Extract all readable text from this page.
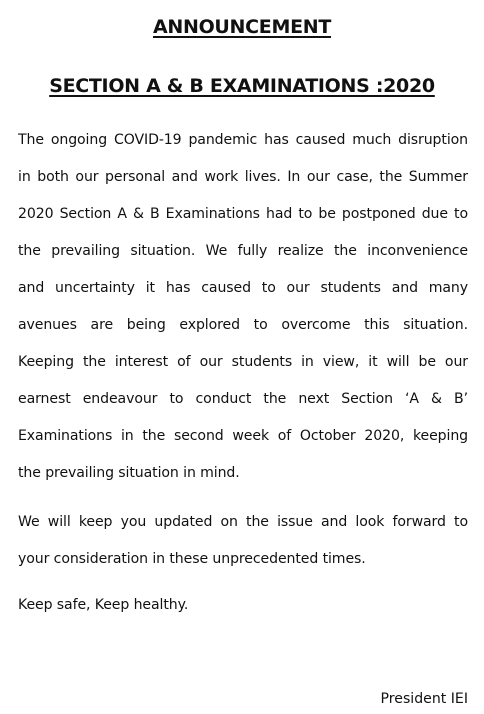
ANNOUNCEMENT
SECTION A & B EXAMINATIONS :2020
The ongoing COVID-19 pandemic has caused much disruption
in both our personal and work lives. In our case, the Summer
2020 Section A & B Examinations had to be postponed due to
the prevailing situation. We fully realize the inconvenience
and uncertainty it has caused to our students and many
avenues are being explored to overcome this situation.
Keeping the interest of our students in view, it will be our
earnest endeavour to conduct the next Section ‘A & B’
Examinations in the second week of October 2020, keeping
the prevailing situation in mind.
We will keep you updated on the issue and look forward to
your consideration in these unprecedented times.
Keep safe, Keep healthy.
President IEI
